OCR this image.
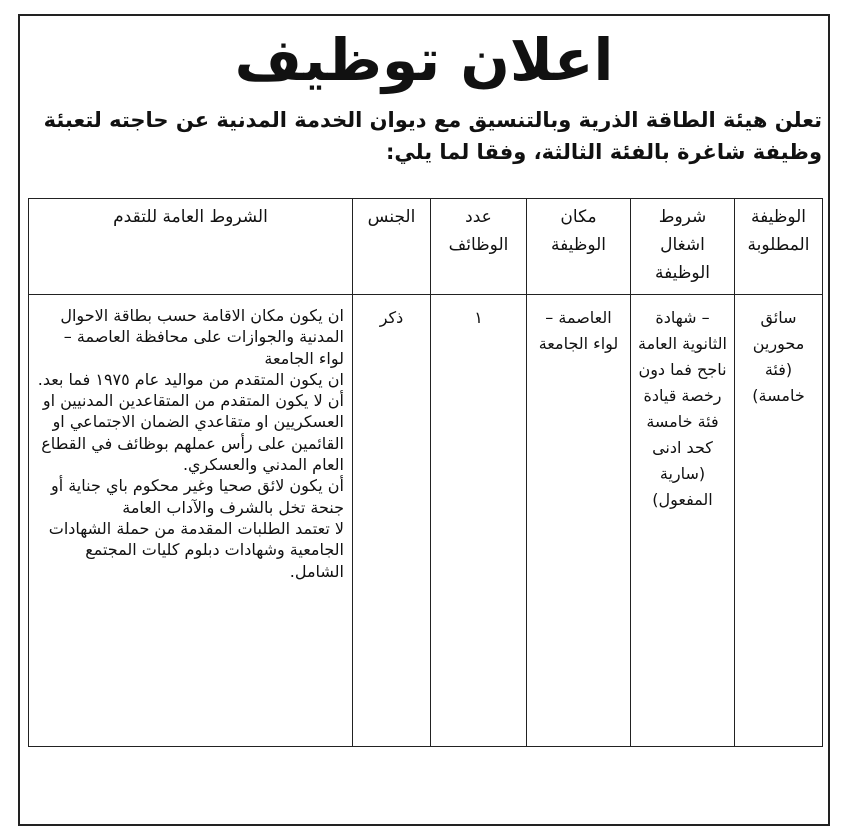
اعلان توظيف
تعلن هيئة الطاقة الذرية وبالتنسيق مع ديوان الخدمة المدنية عن حاجته لتعبئة وظيفة شاغرة بالفئة الثالثة، وفقا لما يلي:
الوظيفة المطلوبة	شروط اشغال الوظيفة	مكان الوظيفة	عدد الوظائف	الجنس	الشروط العامة للتقدم

سائق محورين (فئة خامسة)	– شهادة الثانوية العامة ناجح فما دون رخصة قيادة فئة خامسة كحد ادنى (سارية المفعول)	العاصمة – لواء الجامعة	١	ذكر	ان يكون مكان الاقامة حسب بطاقة الاحوال المدنية والجوازات على محافظة العاصمة – لواء الجامعة
ان يكون المتقدم من مواليد عام ١٩٧٥ فما بعد.
أن لا يكون المتقدم من المتقاعدين المدنيين او العسكريين او متقاعدي الضمان الاجتماعي او القائمين على رأس عملهم بوظائف في القطاع العام المدني والعسكري.
أن يكون لائق صحيا وغير محكوم باي جناية أو جنحة تخل بالشرف والآداب العامة
لا تعتمد الطلبات المقدمة من حملة الشهادات الجامعية وشهادات دبلوم كليات المجتمع الشامل.
